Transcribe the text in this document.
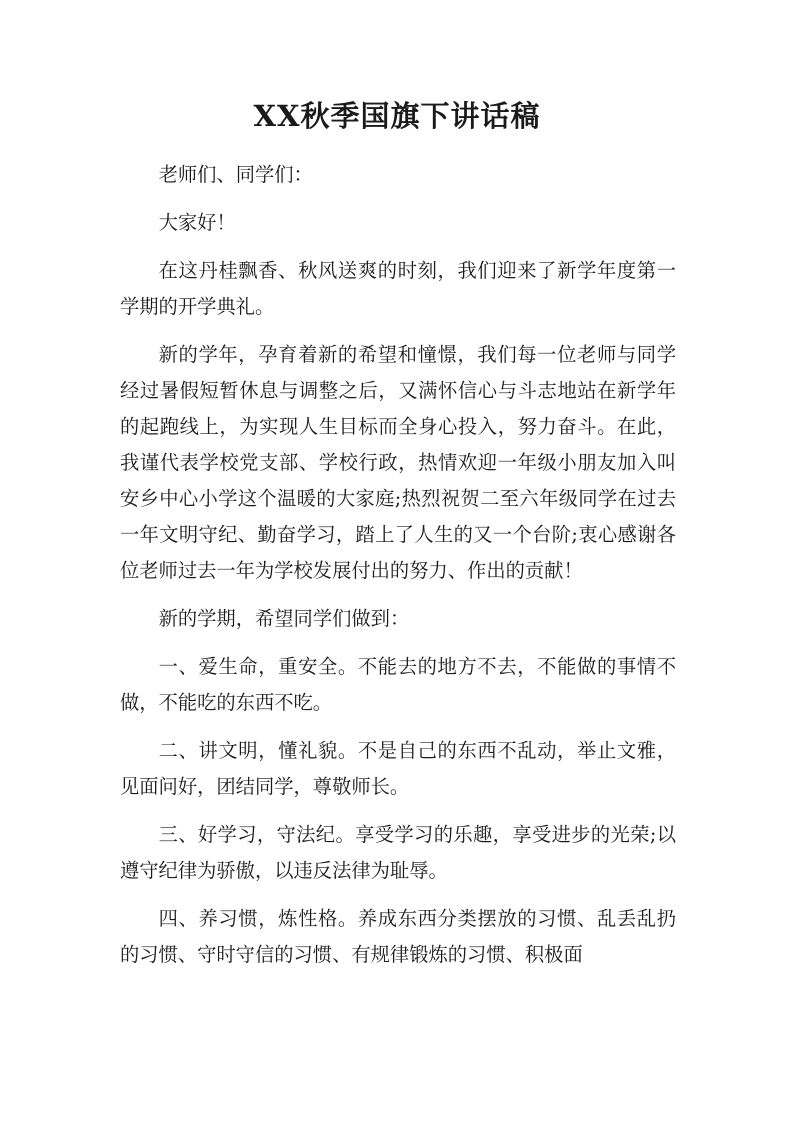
XX秋季国旗下讲话稿

老师们、同学们：

大家好！

在这丹桂飘香、秋风送爽的时刻，我们迎来了新学年度第一学期的开学典礼。

新的学年，孕育着新的希望和憧憬，我们每一位老师与同学经过暑假短暂休息与调整之后，又满怀信心与斗志地站在新学年的起跑线上，为实现人生目标而全身心投入，努力奋斗。在此，我谨代表学校党支部、学校行政，热情欢迎一年级小朋友加入叫安乡中心小学这个温暖的大家庭;热烈祝贺二至六年级同学在过去一年文明守纪、勤奋学习，踏上了人生的又一个台阶;衷心感谢各位老师过去一年为学校发展付出的努力、作出的贡献！

新的学期，希望同学们做到：

一、爱生命，重安全。不能去的地方不去，不能做的事情不做，不能吃的东西不吃。

二、讲文明，懂礼貌。不是自己的东西不乱动，举止文雅，见面问好，团结同学，尊敬师长。

三、好学习，守法纪。享受学习的乐趣，享受进步的光荣;以遵守纪律为骄傲，以违反法律为耻辱。

四、养习惯，炼性格。养成东西分类摆放的习惯、乱丢乱扔的习惯、守时守信的习惯、有规律锻炼的习惯、积极面
